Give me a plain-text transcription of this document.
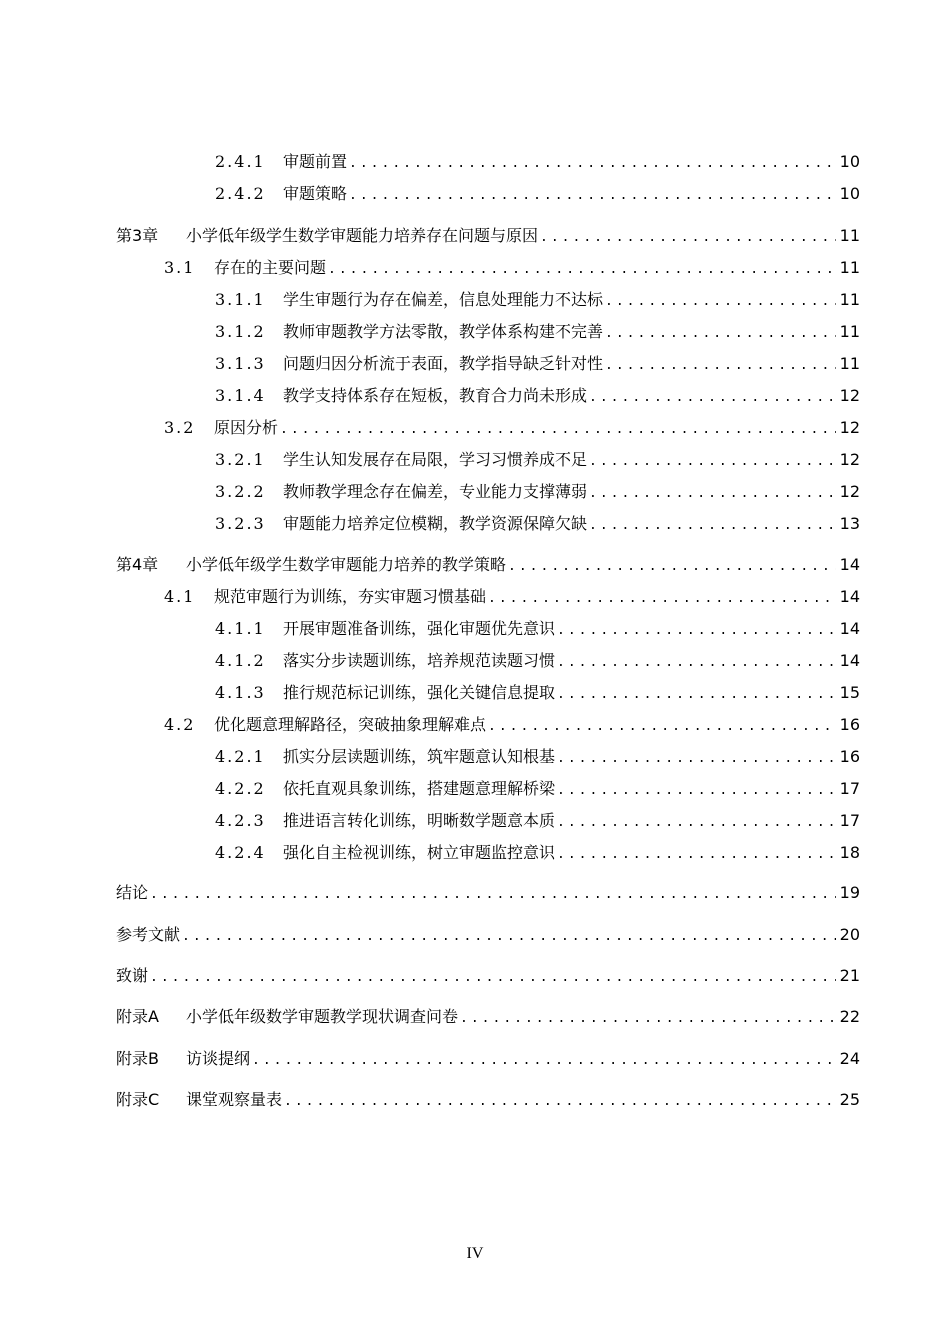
2.4.1	审题前置 .....	10
2.4.2	审题策略 .....	10
第3章	小学低年级学生数学审题能力培养存在问题与原因 .....	11
3.1	存在的主要问题 .....	11
3.1.1	学生审题行为存在偏差，信息处理能力不达标 .....	11
3.1.2	教师审题教学方法零散，教学体系构建不完善 .....	11
3.1.3	问题归因分析流于表面，教学指导缺乏针对性 .....	11
3.1.4	教学支持体系存在短板，教育合力尚未形成 .....	12
3.2	原因分析 .....	12
3.2.1	学生认知发展存在局限，学习习惯养成不足 .....	12
3.2.2	教师教学理念存在偏差，专业能力支撑薄弱 .....	12
3.2.3	审题能力培养定位模糊，教学资源保障欠缺 .....	13
第4章	小学低年级学生数学审题能力培养的教学策略 .....	14
4.1	规范审题行为训练，夯实审题习惯基础 .....	14
4.1.1	开展审题准备训练，强化审题优先意识 .....	14
4.1.2	落实分步读题训练，培养规范读题习惯 .....	14
4.1.3	推行规范标记训练，强化关键信息提取 .....	15
4.2	优化题意理解路径，突破抽象理解难点 .....	16
4.2.1	抓实分层读题训练，筑牢题意认知根基 .....	16
4.2.2	依托直观具象训练，搭建题意理解桥梁 .....	17
4.2.3	推进语言转化训练，明晰数学题意本质 .....	17
4.2.4	强化自主检视训练，树立审题监控意识 .....	18
结论 .....	19
参考文献 .....	20
致谢 .....	21
附录A	小学低年级数学审题教学现状调查问卷 .....	22
附录B	访谈提纲 .....	24
附录C	课堂观察量表 .....	25
IV
